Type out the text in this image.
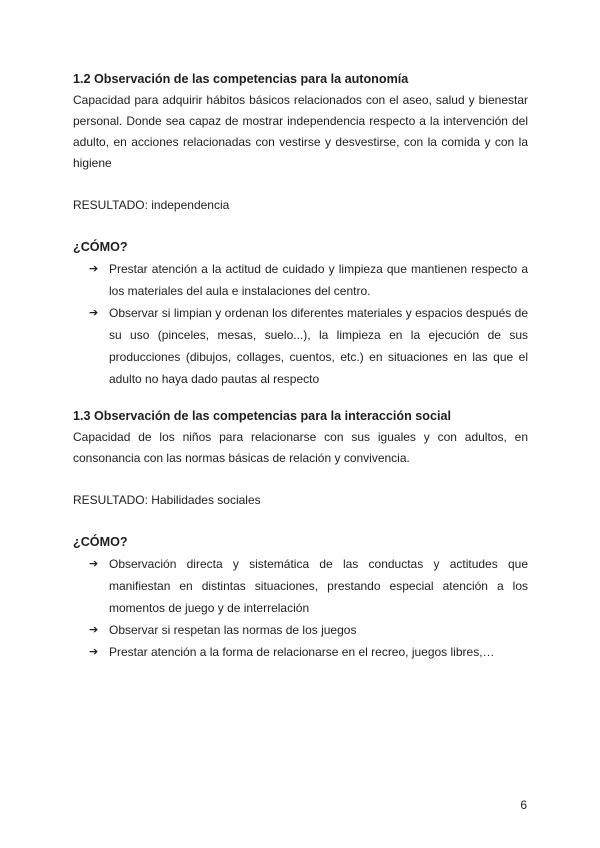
1.2 Observación de las competencias para la autonomía

Capacidad para adquirir hábitos básicos relacionados con el aseo, salud y bienestar personal. Donde sea capaz de mostrar independencia respecto a la intervención del adulto, en acciones relacionadas con vestirse y desvestirse, con la comida y con la higiene

RESULTADO: independencia

¿CÓMO?

➔ Prestar atención a la actitud de cuidado y limpieza que mantienen respecto a los materiales del aula e instalaciones del centro.
➔ Observar si limpian y ordenan los diferentes materiales y espacios después de su uso (pinceles, mesas, suelo...), la limpieza en la ejecución de sus producciones (dibujos, collages, cuentos, etc.) en situaciones en las que el adulto no haya dado pautas al respecto

1.3 Observación de las competencias para la interacción social

Capacidad de los niños para relacionarse con sus iguales y con adultos, en consonancia con las normas básicas de relación y convivencia.

RESULTADO: Habilidades sociales

¿CÓMO?

➔ Observación directa y sistemática de las conductas y actitudes que manifiestan en distintas situaciones, prestando especial atención a los momentos de juego y de interrelación
➔ Observar si respetan las normas de los juegos
➔ Prestar atención a la forma de relacionarse en el recreo, juegos libres,…
6
